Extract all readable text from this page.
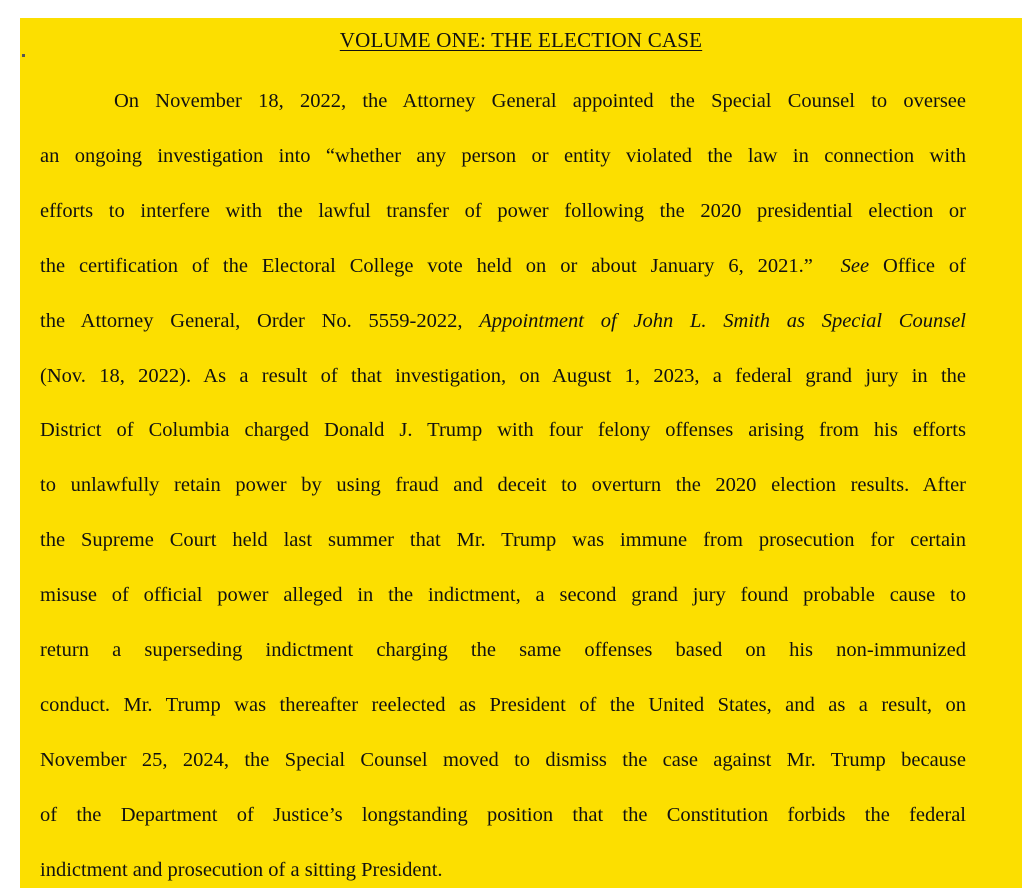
VOLUME ONE: THE ELECTION CASE
On November 18, 2022, the Attorney General appointed the Special Counsel to oversee
an ongoing investigation into “whether any person or entity violated the law in connection with
efforts to interfere with the lawful transfer of power following the 2020 presidential election or
the certification of the Electoral College vote held on or about January 6, 2021.” See Office of
the Attorney General, Order No. 5559-2022, Appointment of John L. Smith as Special Counsel
(Nov. 18, 2022). As a result of that investigation, on August 1, 2023, a federal grand jury in the
District of Columbia charged Donald J. Trump with four felony offenses arising from his efforts
to unlawfully retain power by using fraud and deceit to overturn the 2020 election results. After
the Supreme Court held last summer that Mr. Trump was immune from prosecution for certain
misuse of official power alleged in the indictment, a second grand jury found probable cause to
return a superseding indictment charging the same offenses based on his non-immunized
conduct. Mr. Trump was thereafter reelected as President of the United States, and as a result, on
November 25, 2024, the Special Counsel moved to dismiss the case against Mr. Trump because
of the Department of Justice’s longstanding position that the Constitution forbids the federal
indictment and prosecution of a sitting President.
